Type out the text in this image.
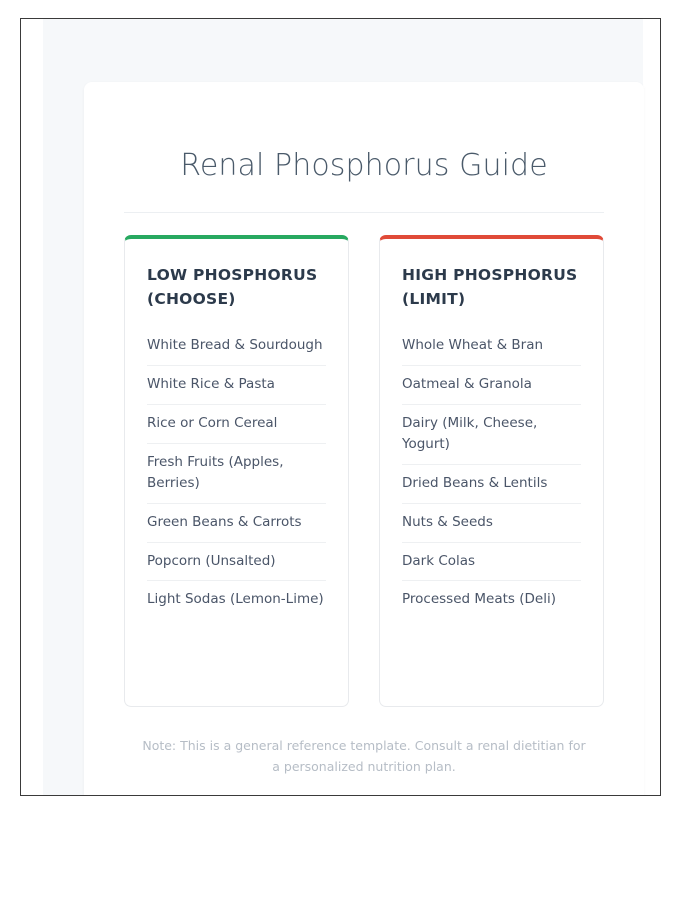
Renal Phosphorus Guide
LOW PHOSPHORUS (CHOOSE)
White Bread & Sourdough
White Rice & Pasta
Rice or Corn Cereal
Fresh Fruits (Apples, Berries)
Green Beans & Carrots
Popcorn (Unsalted)
Light Sodas (Lemon-Lime)
HIGH PHOSPHORUS (LIMIT)
Whole Wheat & Bran
Oatmeal & Granola
Dairy (Milk, Cheese, Yogurt)
Dried Beans & Lentils
Nuts & Seeds
Dark Colas
Processed Meats (Deli)

Note: This is a general reference template. Consult a renal dietitian for a personalized nutrition plan.
